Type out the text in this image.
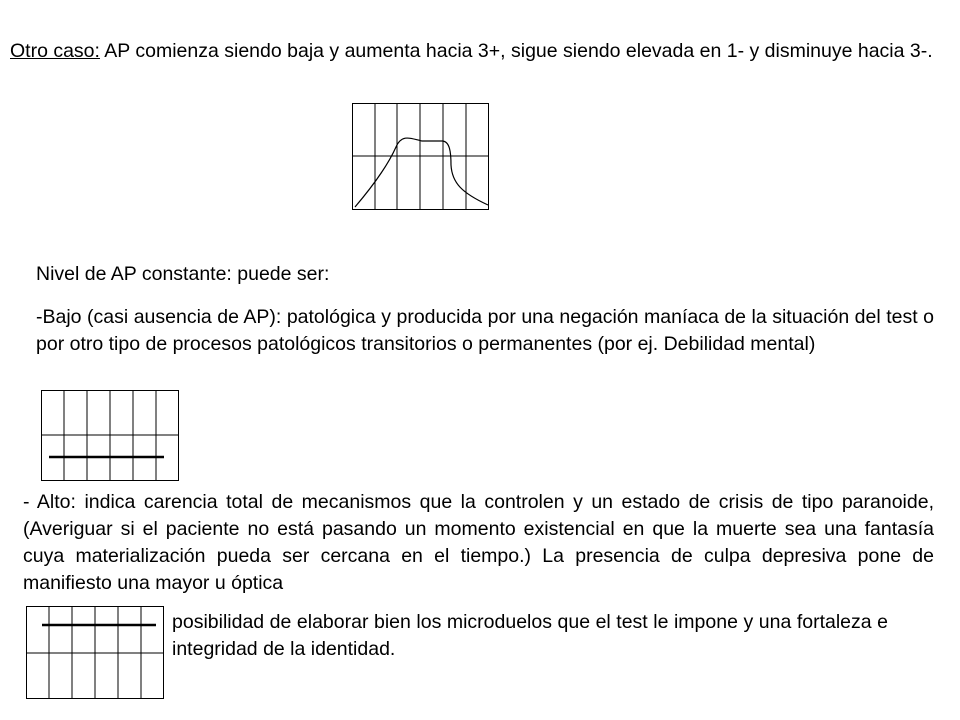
Otro caso: AP comienza siendo baja y aumenta hacia 3+, sigue siendo elevada en 1- y disminuye hacia 3-.

Nivel de AP constante: puede ser:

-Bajo (casi ausencia de AP): patológica y producida por una negación maníaca de la situación del test o por otro tipo de procesos patológicos transitorios o permanentes (por ej. Debilidad mental)

- Alto: indica carencia total de mecanismos que la controlen y un estado de crisis de tipo paranoide, (Averiguar si el paciente no está pasando un momento existencial en que la muerte sea una fantasía cuya materialización pueda ser cercana en el tiempo.) La presencia de culpa depresiva pone de manifiesto una mayor u óptica

posibilidad de elaborar bien los microduelos que el test le impone y una fortaleza e integridad de la identidad.
